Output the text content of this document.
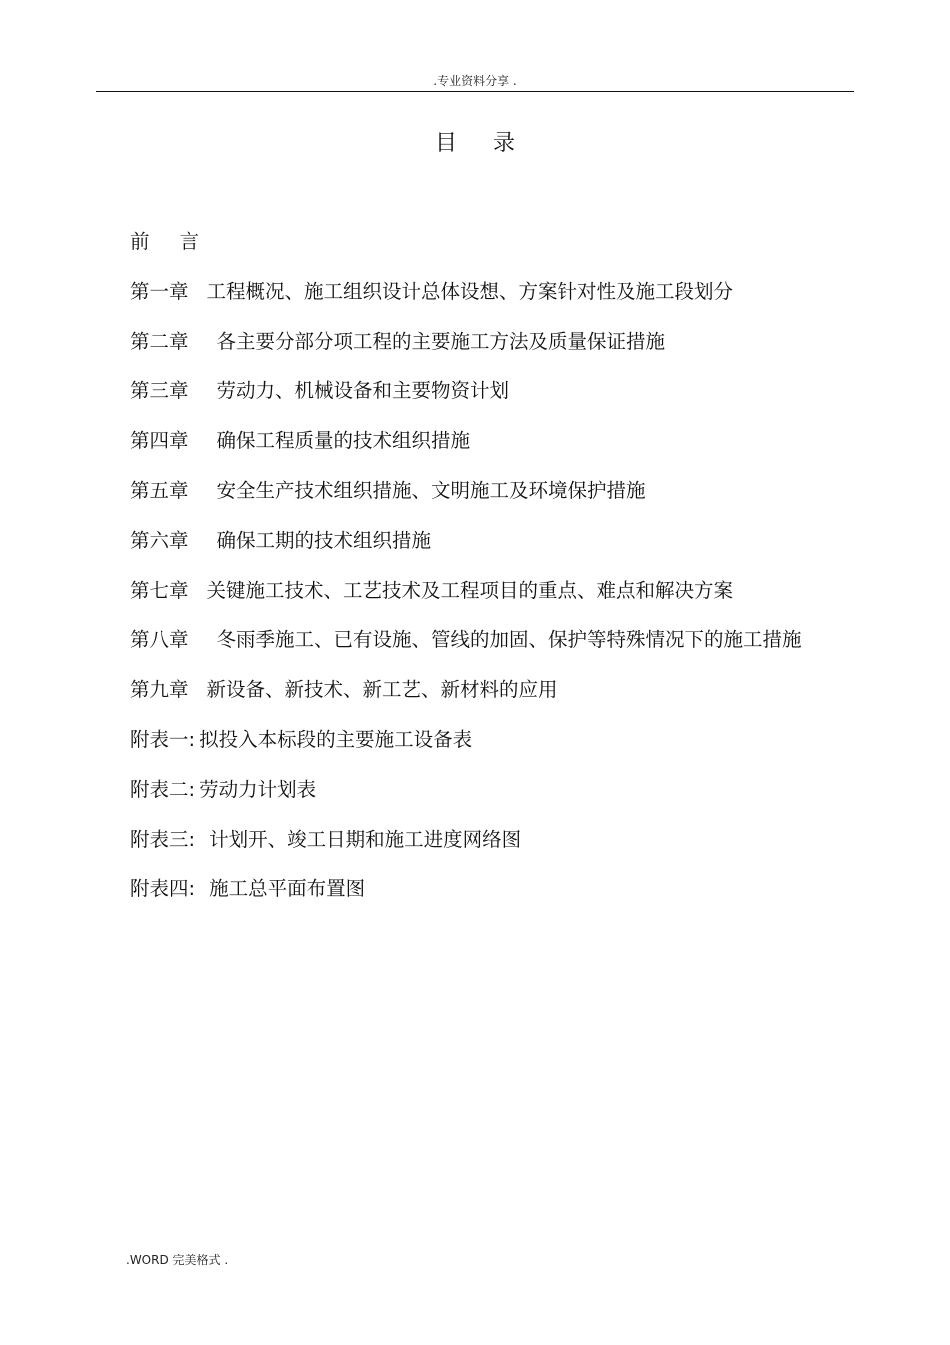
.专业资料分享 .
目录
前言
第一章 工程概况、施工组织设计总体设想、方案针对性及施工段划分
第二章 各主要分部分项工程的主要施工方法及质量保证措施
第三章 劳动力、机械设备和主要物资计划
第四章 确保工程质量的技术组织措施
第五章 安全生产技术组织措施、文明施工及环境保护措施
第六章 确保工期的技术组织措施
第七章 关键施工技术、工艺技术及工程项目的重点、难点和解决方案
第八章 冬雨季施工、已有设施、管线的加固、保护等特殊情况下的施工措施
第九章 新设备、新技术、新工艺、新材料的应用
附表一: 拟投入本标段的主要施工设备表
附表二: 劳动力计划表
附表三: 计划开、竣工日期和施工进度网络图
附表四: 施工总平面布置图
.WORD 完美格式 .
